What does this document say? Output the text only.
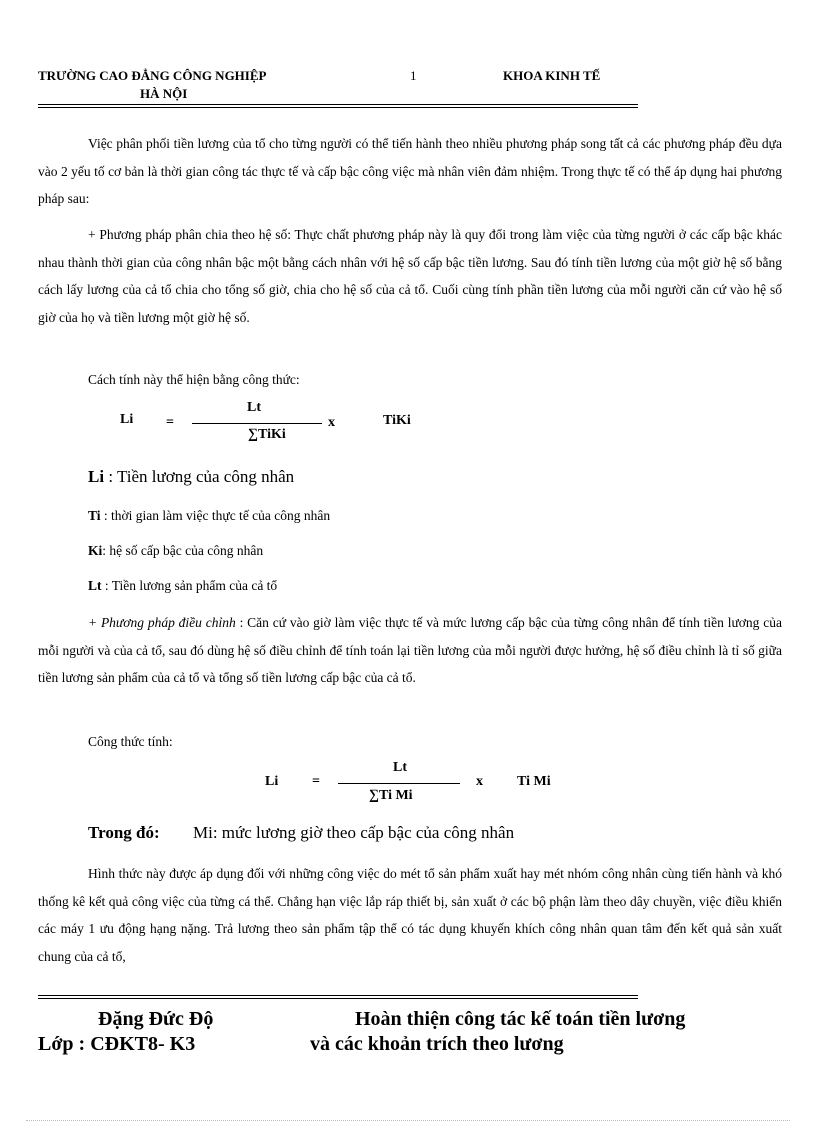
TRƯỜNG CAO ĐẲNG CÔNG NGHIỆP
HÀ NỘI
1	KHOA KINH TẾ
Việc phân phối tiền lương của tổ cho từng người có thể tiến hành theo nhiều phương pháp song tất cả các phương pháp đều dựa vào 2 yếu tố cơ bản là thời gian công tác thực tế và cấp bậc công việc mà nhân viên đảm nhiệm. Trong thực tế có thể áp dụng hai phương pháp sau:
+ Phương pháp phân chia theo hệ số: Thực chất phương pháp này là quy đổi trong làm việc của từng người ở các cấp bậc khác nhau thành thời gian của công nhân bậc một bằng cách nhân với hệ số cấp bậc tiền lương. Sau đó tính tiền lương của một giờ hệ số bằng cách lấy lương của cả tổ chia cho tổng số giờ, chia cho hệ số của cả tổ. Cuối cùng tính phần tiền lương của mỗi người căn cứ vào hệ số giờ của họ và tiền lương một giờ hệ số.
Cách tính này thể hiện bằng công thức:
Li =
Lt
∑TiKi
x	TiKi
Li : Tiền lương của công nhân
Ti : thời gian làm việc thực tế của công nhân
Ki: hệ số cấp bậc của công nhân
Lt : Tiền lương sản phẩm của cả tổ
+ Phương pháp điều chỉnh : Căn cứ vào giờ làm việc thực tế và mức lương cấp bậc của từng công nhân để tính tiền lương của mỗi người và của cả tổ, sau đó dùng hệ số điều chỉnh để tính toán lại tiền lương của mỗi người được hưởng, hệ số điều chỉnh là tỉ số giữa tiền lương sản phẩm của cả tổ và tổng số tiền lương cấp bậc của cả tổ.
Công thức tính:
Li =
Lt
∑Ti Mi
x Ti Mi
Trong đó: Mi: mức lương giờ theo cấp bậc của công nhân
Hình thức này được áp dụng đối với những công việc do mét tổ sản phẩm xuất hay mét nhóm công nhân cùng tiến hành và khó thống kê kết quả công việc của từng cá thể. Chẳng hạn việc lắp ráp thiết bị, sản xuất ở các bộ phận làm theo dây chuyền, việc điều khiển các máy 1 ưu động hạng nặng. Trả lương theo sản phẩm tập thể có tác dụng khuyến khích công nhân quan tâm đến kết quả sản xuất chung của cả tổ,
Đặng Đức Độ
Lớp : CĐKT8- K3
Hoàn thiện công tác kế toán tiền lương
và các khoản trích theo lương
